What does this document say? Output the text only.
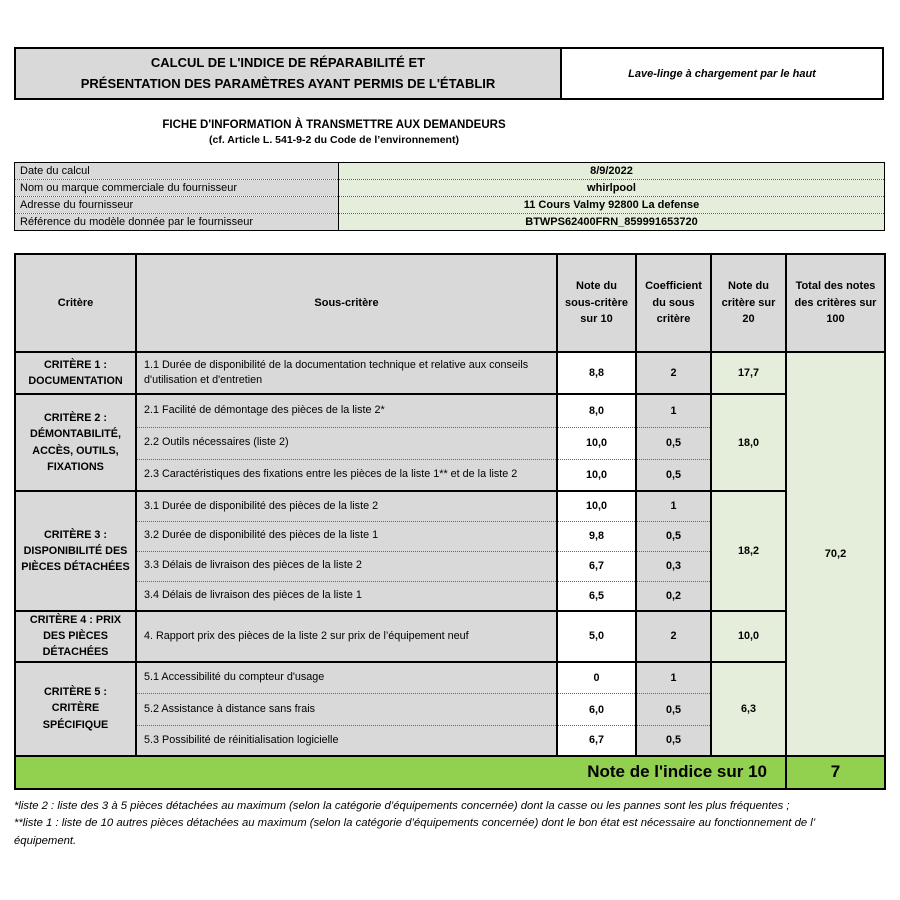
CALCUL DE L'INDICE DE RÉPARABILITÉ ET
PRÉSENTATION DES PARAMÈTRES AYANT PERMIS DE L'ÉTABLIR
Lave-linge à chargement par le haut
FICHE D'INFORMATION À TRANSMETTRE AUX DEMANDEURS
(cf. Article L. 541-9-2 du Code de l’environnement)
Date du calcul	8/9/2022
Nom ou marque commerciale du fournisseur	whirlpool
Adresse du fournisseur	11 Cours Valmy 92800 La defense
Référence du modèle donnée par le fournisseur	BTWPS62400FRN_859991653720
Critère	Sous-critère	Note du sous-critère sur 10	Coefficient du sous critère	Note du critère sur 20	Total des notes des critères sur 100
CRITÈRE 1 : DOCUMENTATION	1.1 Durée de disponibilité de la documentation technique et relative aux conseils d'utilisation et d'entretien	8,8	2	17,7	70,2
CRITÈRE 2 : DÉMONTABILITÉ, ACCÈS, OUTILS, FIXATIONS	2.1 Facilité de démontage des pièces de la liste 2*	8,0	1	18,0	
	2.2 Outils nécessaires (liste 2)	10,0	0,5		
	2.3 Caractéristiques des fixations entre les pièces de la liste 1** et de la liste 2	10,0	0,5		
CRITÈRE 3 : DISPONIBILITÉ DES PIÈCES DÉTACHÉES	3.1 Durée de disponibilité des pièces de la liste 2	10,0	1	18,2	
	3.2 Durée de disponibilité des pièces de la liste 1	9,8	0,5		
	3.3 Délais de livraison des pièces de la liste 2	6,7	0,3		
	3.4 Délais de livraison des pièces de la liste 1	6,5	0,2		
CRITÈRE 4 : PRIX DES PIÈCES DÉTACHÉES	4. Rapport prix des pièces de la liste 2 sur prix de l’équipement neuf	5,0	2	10,0	
CRITÈRE 5 : CRITÈRE SPÉCIFIQUE	5.1 Accessibilité du compteur d'usage	0	1	6,3	
	5.2 Assistance à distance sans frais	6,0	0,5		
	5.3 Possibilité de réinitialisation logicielle	6,7	0,5		
Note de l'indice sur 10					7
*liste 2 : liste des 3 à 5 pièces détachées au maximum (selon la catégorie d’équipements concernée) dont la casse ou les pannes sont les plus fréquentes ;
**liste 1 : liste de 10 autres pièces détachées au maximum (selon la catégorie d’équipements concernée) dont le bon état est nécessaire au fonctionnement de l’ équipement.
